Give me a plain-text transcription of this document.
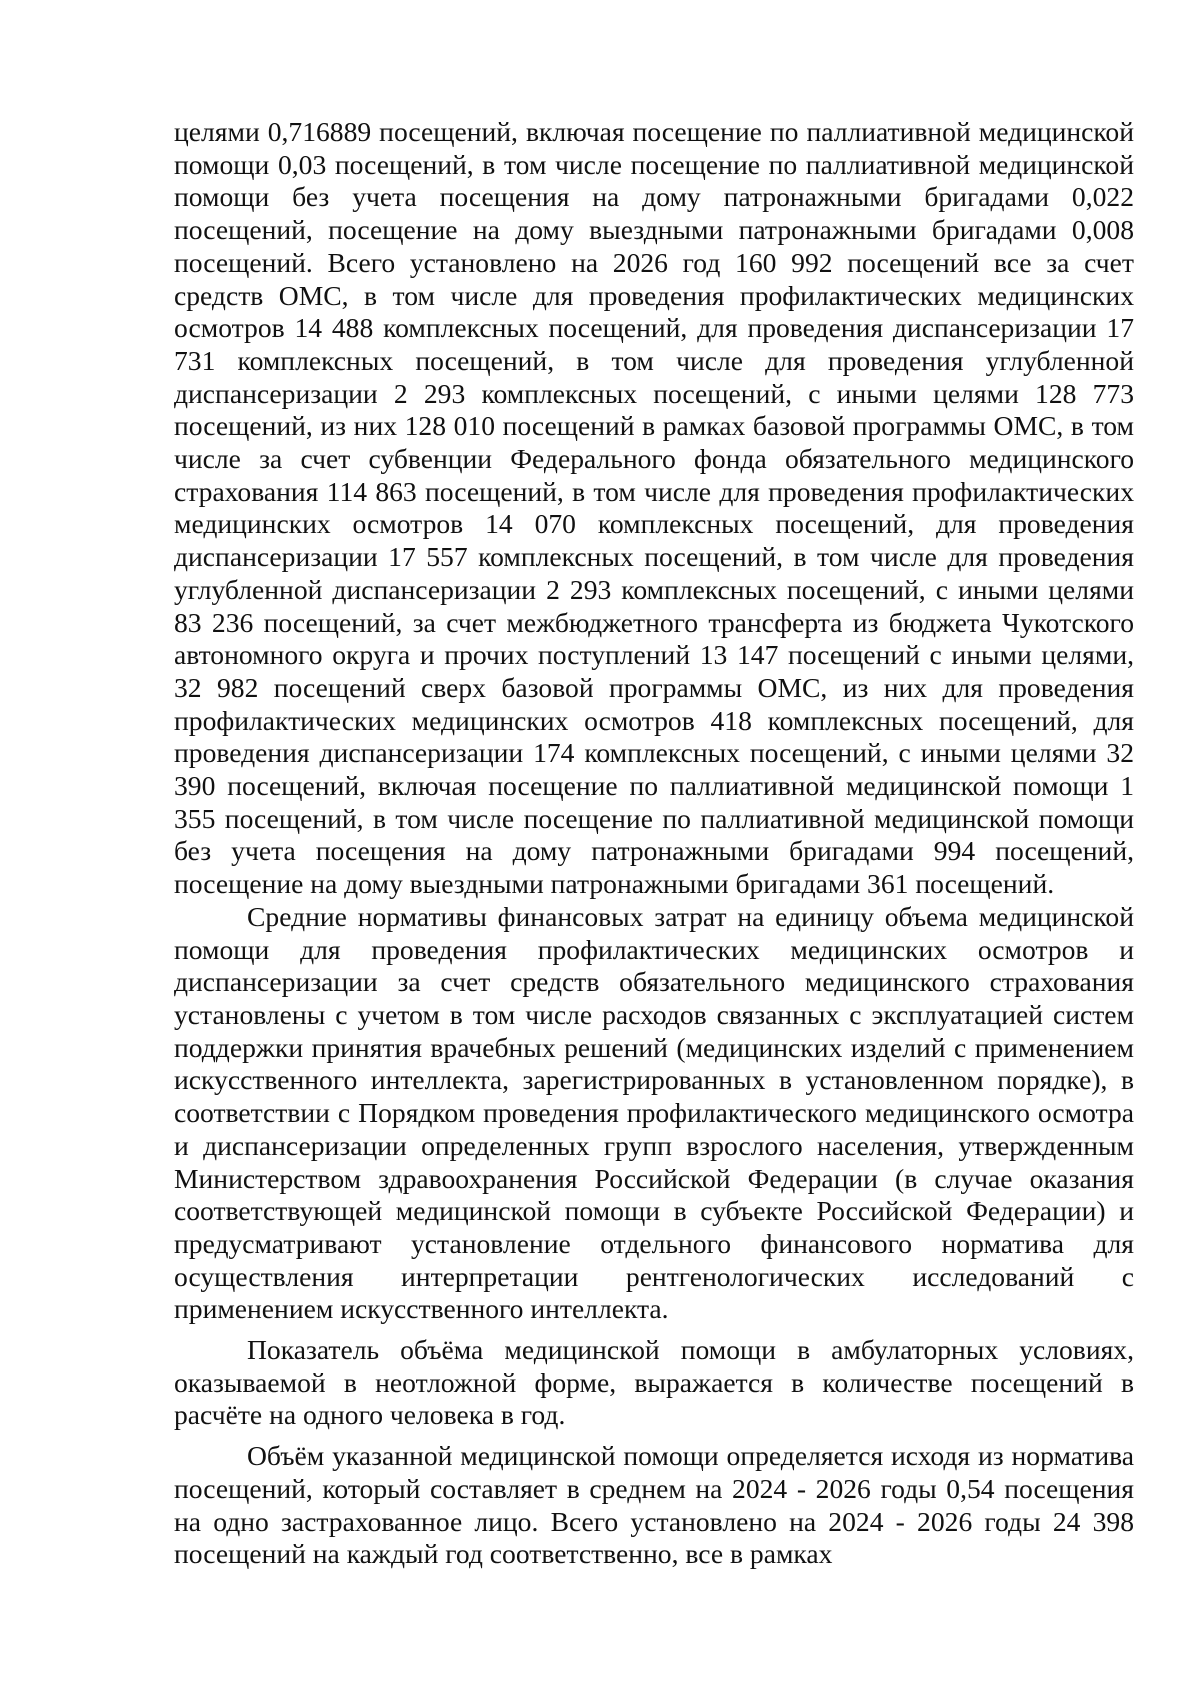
целями 0,716889 посещений, включая посещение по паллиативной медицинской помощи 0,03 посещений, в том числе посещение по паллиативной медицинской помощи без учета посещения на дому патронажными бригадами 0,022 посещений, посещение на дому выездными патронажными бригадами 0,008 посещений. Всего установлено на 2026 год 160 992 посещений все за счет средств ОМС, в том числе для проведения профилактических медицинских осмотров 14 488 комплексных посещений, для проведения диспансеризации 17 731 комплексных посещений, в том числе для проведения углубленной диспансеризации 2 293 комплексных посещений, с иными целями 128 773 посещений, из них 128 010 посещений в рамках базовой программы ОМС, в том числе за счет субвенции Федерального фонда обязательного медицинского страхования 114 863 посещений, в том числе для проведения профилактических медицинских осмотров 14 070 комплексных посещений, для проведения диспансеризации 17 557 комплексных посещений, в том числе для проведения углубленной диспансеризации 2 293 комплексных посещений, с иными целями 83 236 посещений, за счет межбюджетного трансферта из бюджета Чукотского автономного округа и прочих поступлений 13 147 посещений с иными целями, 32 982 посещений сверх базовой программы ОМС, из них для проведения профилактических медицинских осмотров 418 комплексных посещений, для проведения диспансеризации 174 комплексных посещений, с иными целями 32 390 посещений, включая посещение по паллиативной медицинской помощи 1 355 посещений, в том числе посещение по паллиативной медицинской помощи без учета посещения на дому патронажными бригадами 994 посещений, посещение на дому выездными патронажными бригадами 361 посещений.

Средние нормативы финансовых затрат на единицу объема медицинской помощи для проведения профилактических медицинских осмотров и диспансеризации за счет средств обязательного медицинского страхования установлены с учетом в том числе расходов связанных с эксплуатацией систем поддержки принятия врачебных решений (медицинских изделий с применением искусственного интеллекта, зарегистрированных в установленном порядке), в соответствии с Порядком проведения профилактического медицинского осмотра и диспансеризации определенных групп взрослого населения, утвержденным Министерством здравоохранения Российской Федерации (в случае оказания соответствующей медицинской помощи в субъекте Российской Федерации) и предусматривают установление отдельного финансового норматива для осуществления интерпретации рентгенологических исследований с применением искусственного интеллекта.

Показатель объёма медицинской помощи в амбулаторных условиях, оказываемой в неотложной форме, выражается в количестве посещений в расчёте на одного человека в год.

Объём указанной медицинской помощи определяется исходя из норматива посещений, который составляет в среднем на 2024 - 2026 годы 0,54 посещения на одно застрахованное лицо. Всего установлено на 2024 - 2026 годы 24 398 посещений на каждый год соответственно, все в рамках
